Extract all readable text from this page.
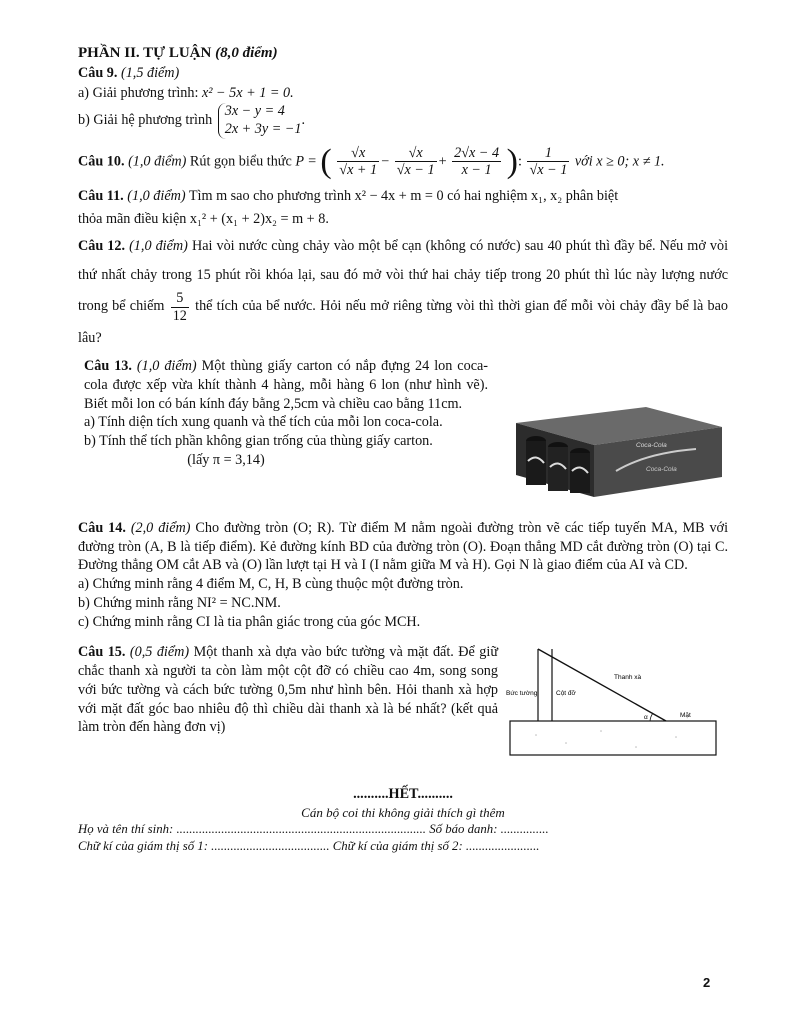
PHẦN II. TỰ LUẬN (8,0 điểm)
Câu 9. (1,5 điểm)
a) Giải phương trình: x² − 5x + 1 = 0.
b) Giải hệ phương trình
3x − y = 4
2x + 3y = −1
.
Câu 10. (1,0 điểm) Rút gọn biểu thức P = ( $\frac{√x}{√x + 1} - \frac{√x}{√x - 1} + \frac{2√x - 4}{x - 1}$ ): $\frac{1}{√x - 1}$ với x ≥ 0; x ≠ 1.
Câu 11. (1,0 điểm) Tìm m sao cho phương trình x² − 4x + m = 0 có hai nghiệm x₁, x₂ phân biệt
thỏa mãn điều kiện x₁² + (x₁ + 2)x₂ = m + 8.
Câu 12. (1,0 điểm) Hai vòi nước cùng chảy vào một bể cạn (không có nước) sau 40 phút thì đầy bể. Nếu mở vòi thứ nhất chảy trong 15 phút rồi khóa lại, sau đó mở vòi thứ hai chảy tiếp trong 20 phút thì lúc này lượng nước trong bể chiếm $\frac{5}{12}$ thể tích của bể nước. Hỏi nếu mở riêng từng vòi thì thời gian để mỗi vòi chảy đầy bể là bao lâu?
Câu 13. (1,0 điểm) Một thùng giấy carton có nắp đựng 24 lon coca-cola được xếp vừa khít thành 4 hàng, mỗi hàng 6 lon (như hình vẽ). Biết mỗi lon có bán kính đáy bằng 2,5cm và chiều cao bằng 11cm.
a) Tính diện tích xung quanh và thể tích của mỗi lon coca-cola.
b) Tính thể tích phần không gian trống của thùng giấy carton.
(lấy π = 3,14)
Coca-Cola
Coca-Cola
Câu 14. (2,0 điểm) Cho đường tròn (O; R). Từ điểm M nằm ngoài đường tròn vẽ các tiếp tuyến MA, MB với đường tròn (A, B là tiếp điểm). Kẻ đường kính BD của đường tròn (O). Đoạn thẳng MD cắt đường tròn (O) tại C. Đường thẳng OM cắt AB và (O) lần lượt tại H và I (I nằm giữa M và H). Gọi N là giao điểm của AI và CD.
a) Chứng minh rằng 4 điểm M, C, H, B cùng thuộc một đường tròn.
b) Chứng minh rằng NI² = NC.NM.
c) Chứng minh rằng CI là tia phân giác trong của góc MCH.
Câu 15. (0,5 điểm) Một thanh xà dựa vào bức tường và mặt đất. Để giữ chắc thanh xà người ta còn làm một cột đỡ có chiều cao 4m, song song với bức tường và cách bức tường 0,5m như hình bên. Hỏi thanh xà hợp với mặt đất góc bao nhiêu độ thì chiều dài thanh xà là bé nhất? (kết quả làm tròn đến hàng đơn vị)
Bức tường	Cột đỡ
Thanh xà
Mặt
α
..........HẾT..........
Cán bộ coi thi không giải thích gì thêm
Họ và tên thí sinh: .............................................................................. Số báo danh: ...............
Chữ kí của giám thị số 1: ..................................... Chữ kí của giám thị số 2: .......................
2
